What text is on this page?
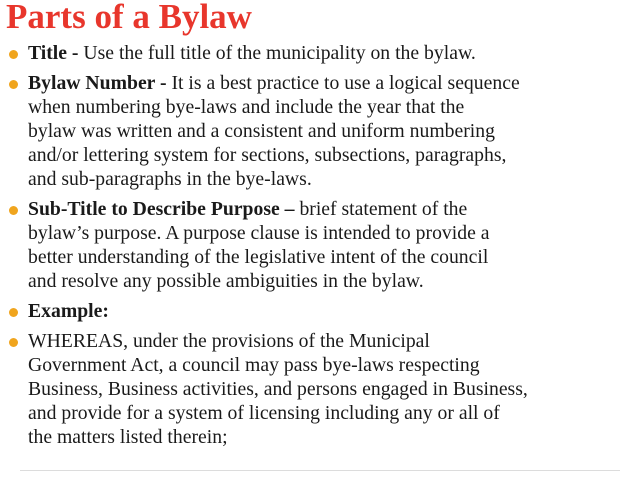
Parts of a Bylaw
Title - Use the full title of the municipality on the bylaw.
Bylaw Number - It is a best practice to use a logical sequence
when numbering bye-laws and include the year that the
bylaw was written and a consistent and uniform numbering
and/or lettering system for sections, subsections, paragraphs,
and sub-paragraphs in the bye-laws.
Sub-Title to Describe Purpose – brief statement of the
bylaw’s purpose. A purpose clause is intended to provide a
better understanding of the legislative intent of the council
and resolve any possible ambiguities in the bylaw.
Example:
WHEREAS, under the provisions of the Municipal
Government Act, a council may pass bye-laws respecting
Business, Business activities, and persons engaged in Business,
and provide for a system of licensing including any or all of
the matters listed therein;
